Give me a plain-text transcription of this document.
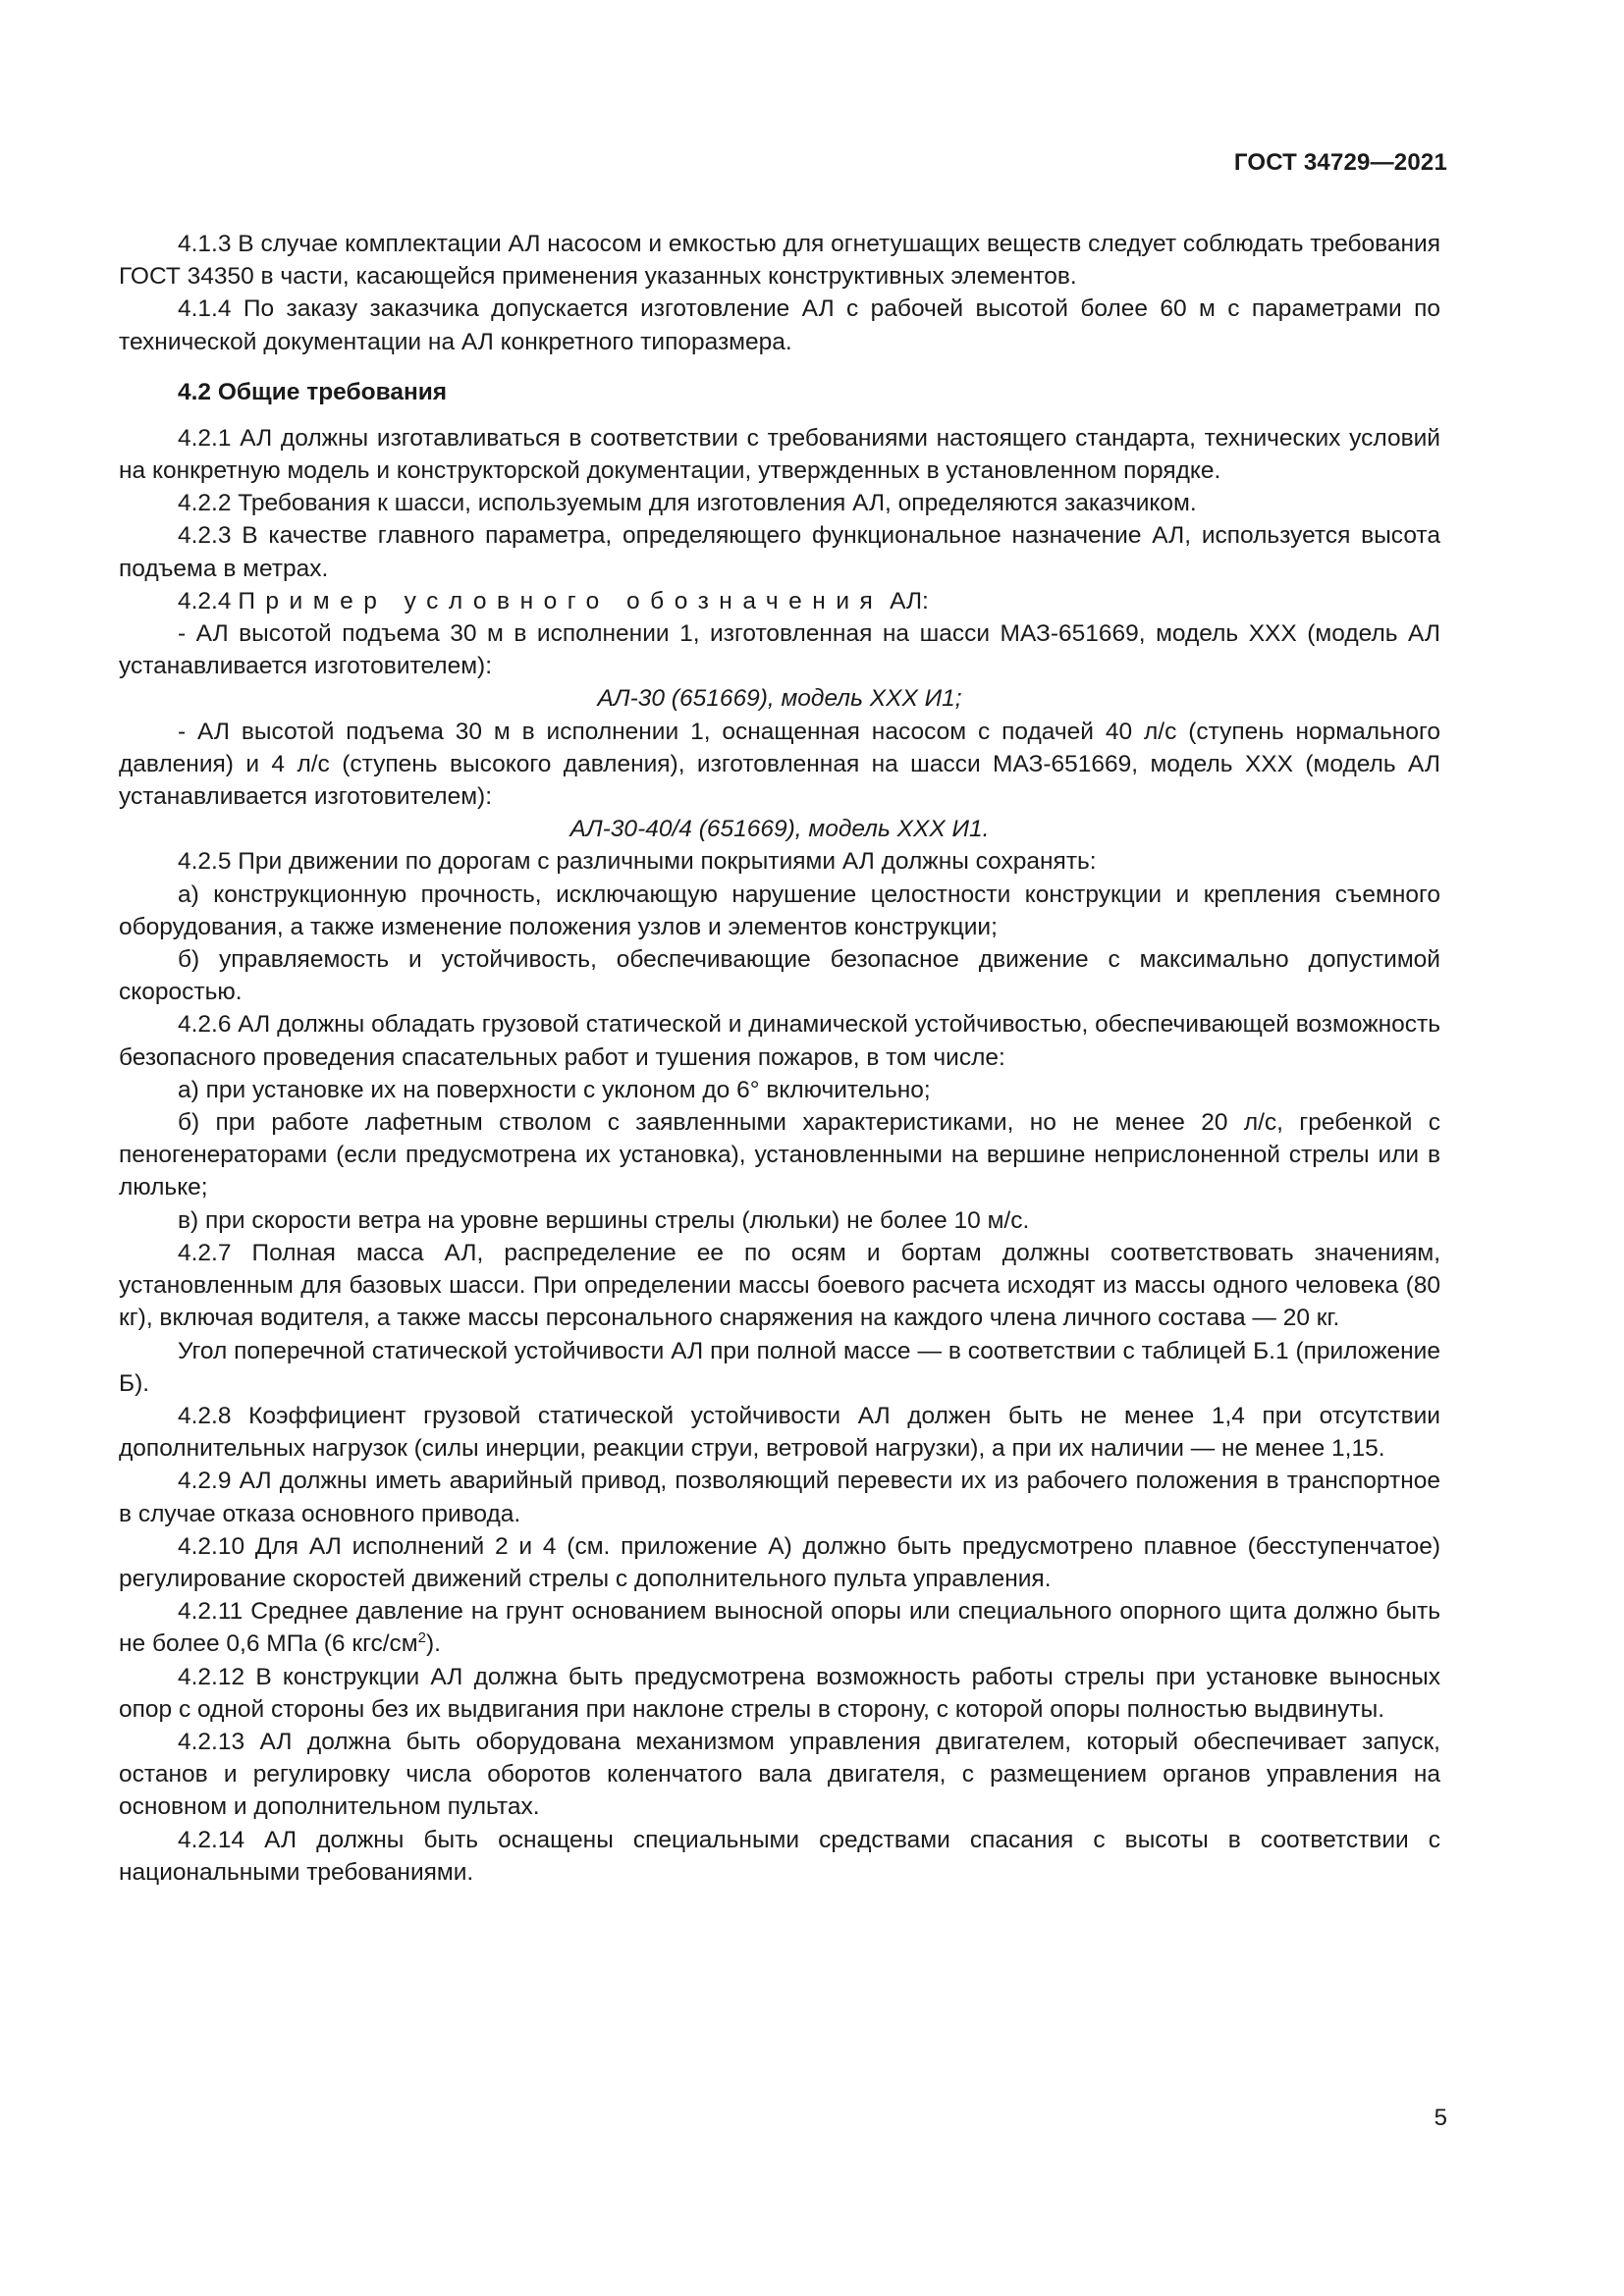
ГОСТ 34729—2021

4.1.3 В случае комплектации АЛ насосом и емкостью для огнетушащих веществ следует соблюдать требования ГОСТ 34350 в части, касающейся применения указанных конструктивных элементов.

4.1.4 По заказу заказчика допускается изготовление АЛ с рабочей высотой более 60 м с параметрами по технической документации на АЛ конкретного типоразмера.

4.2 Общие требования

4.2.1 АЛ должны изготавливаться в соответствии с требованиями настоящего стандарта, технических условий на конкретную модель и конструкторской документации, утвержденных в установленном порядке.

4.2.2 Требования к шасси, используемым для изготовления АЛ, определяются заказчиком.

4.2.3 В качестве главного параметра, определяющего функциональное назначение АЛ, используется высота подъема в метрах.

4.2.4 Пример условного обозначения АЛ:

- АЛ высотой подъема 30 м в исполнении 1, изготовленная на шасси МАЗ-651669, модель XXX (модель АЛ устанавливается изготовителем):

АЛ-30 (651669), модель XXX И1;

- АЛ высотой подъема 30 м в исполнении 1, оснащенная насосом с подачей 40 л/с (ступень нормального давления) и 4 л/с (ступень высокого давления), изготовленная на шасси МАЗ-651669, модель XXX (модель АЛ устанавливается изготовителем):

АЛ-30-40/4 (651669), модель XXX И1.

4.2.5 При движении по дорогам с различными покрытиями АЛ должны сохранять:

а) конструкционную прочность, исключающую нарушение целостности конструкции и крепления съемного оборудования, а также изменение положения узлов и элементов конструкции;

б) управляемость и устойчивость, обеспечивающие безопасное движение с максимально допустимой скоростью.

4.2.6 АЛ должны обладать грузовой статической и динамической устойчивостью, обеспечивающей возможность безопасного проведения спасательных работ и тушения пожаров, в том числе:

а) при установке их на поверхности с уклоном до 6° включительно;

б) при работе лафетным стволом с заявленными характеристиками, но не менее 20 л/с, гребенкой с пеногенераторами (если предусмотрена их установка), установленными на вершине неприслоненной стрелы или в люльке;

в) при скорости ветра на уровне вершины стрелы (люльки) не более 10 м/с.

4.2.7 Полная масса АЛ, распределение ее по осям и бортам должны соответствовать значениям, установленным для базовых шасси. При определении массы боевого расчета исходят из массы одного человека (80 кг), включая водителя, а также массы персонального снаряжения на каждого члена личного состава — 20 кг.

Угол поперечной статической устойчивости АЛ при полной массе — в соответствии с таблицей Б.1 (приложение Б).

4.2.8 Коэффициент грузовой статической устойчивости АЛ должен быть не менее 1,4 при отсутствии дополнительных нагрузок (силы инерции, реакции струи, ветровой нагрузки), а при их наличии — не менее 1,15.

4.2.9 АЛ должны иметь аварийный привод, позволяющий перевести их из рабочего положения в транспортное в случае отказа основного привода.

4.2.10 Для АЛ исполнений 2 и 4 (см. приложение А) должно быть предусмотрено плавное (бесступенчатое) регулирование скоростей движений стрелы с дополнительного пульта управления.

4.2.11 Среднее давление на грунт основанием выносной опоры или специального опорного щита должно быть не более 0,6 МПа (6 кгс/$см^2$).

4.2.12 В конструкции АЛ должна быть предусмотрена возможность работы стрелы при установке выносных опор с одной стороны без их выдвигания при наклоне стрелы в сторону, с которой опоры полностью выдвинуты.

4.2.13 АЛ должна быть оборудована механизмом управления двигателем, который обеспечивает запуск, останов и регулировку числа оборотов коленчатого вала двигателя, с размещением органов управления на основном и дополнительном пультах.

4.2.14 АЛ должны быть оснащены специальными средствами спасания с высоты в соответствии с национальными требованиями.

5
